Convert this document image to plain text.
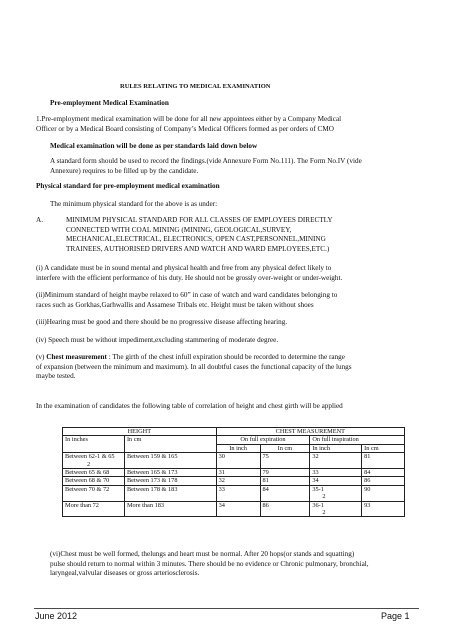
RULES RELATING TO MEDICAL EXAMINATION
Pre-employment Medical Examination
1.Pre-employment medical examination will be done for all new appointees either by a Company Medical
Officer or by a Medical Board consisting of Company’s Medical Officers formed as per orders of CMO
Medical examination will be done as per standards laid down below
A standard form should be used to record the findings.(vide Annexure Form No.111). The Form No.IV (vide
Annexure) requires to be filled up by the candidate.
Physical standard for pre-employment medical examination
The minimum physical standard for the above is as under:
A.	MINIMUM PHYSICAL STANDARD FOR ALL CLASSES OF EMPLOYEES DIRECTLY
CONNECTED WITH COAL MINING (MINING, GEOLOGICAL,SURVEY,
MECHANICAL,ELECTRICAL, ELECTRONICS, OPEN CAST,PERSONNEL,MINING
TRAINEES, AUTHORISED DRIVERS AND WATCH AND WARD EMPLOYEES,ETC.)
(i) A candidate must be in sound mental and physical health and free from any physical defect likely to
interfere with the efficient performance of his duty. He should not be grossly over-weight or under-weight.
(ii)Minimum standard of height maybe relaxed to 60” in case of watch and ward candidates belonging to
races such as Gorkhas,Garhwallis and Assamese Tribals etc. Height must be taken without shoes
(iii)Hearing must be good and there should be no progressive disease affecting hearing.
(iv) Speech must be without impediment,excluding stammering of moderate degree.
(v) Chest measurement : The girth of the chest infull expiration should be recorded to determine the range
of expansion (between the minimum and maximum). In all doubtful cases the functional capacity of the lungs
maybe tested.
In the examination of candidates the following table of correlation of height and chest girth will be applied
HEIGHT		CHEST MEASUREMENT			
In inches	In cm	On full expiration		On full inspiration	
		In inch	In cm	In inch	In cm

Between 62-1 & 65
2	Between 159 & 165	30	75	32	81
Between 65 & 68	Between 165 & 173	31	79	33	84
Between 68 & 70	Between 173 & 178	32	81	34	86
Between 70 & 72	Between 178 & 183	33	84	35-1
2	90
More than 72	More than 183	34	86	36-1
2	93
(vi)Chest must be well formed, thelungs and heart must be normal. After 20 hops(or stands and squatting)
pulse should return to normal within 3 minutes. There should be no evidence or Chronic pulmonary, bronchial,
laryngeal,valvular diseases or gross arteriosclerosis.
June 2012	Page 1
